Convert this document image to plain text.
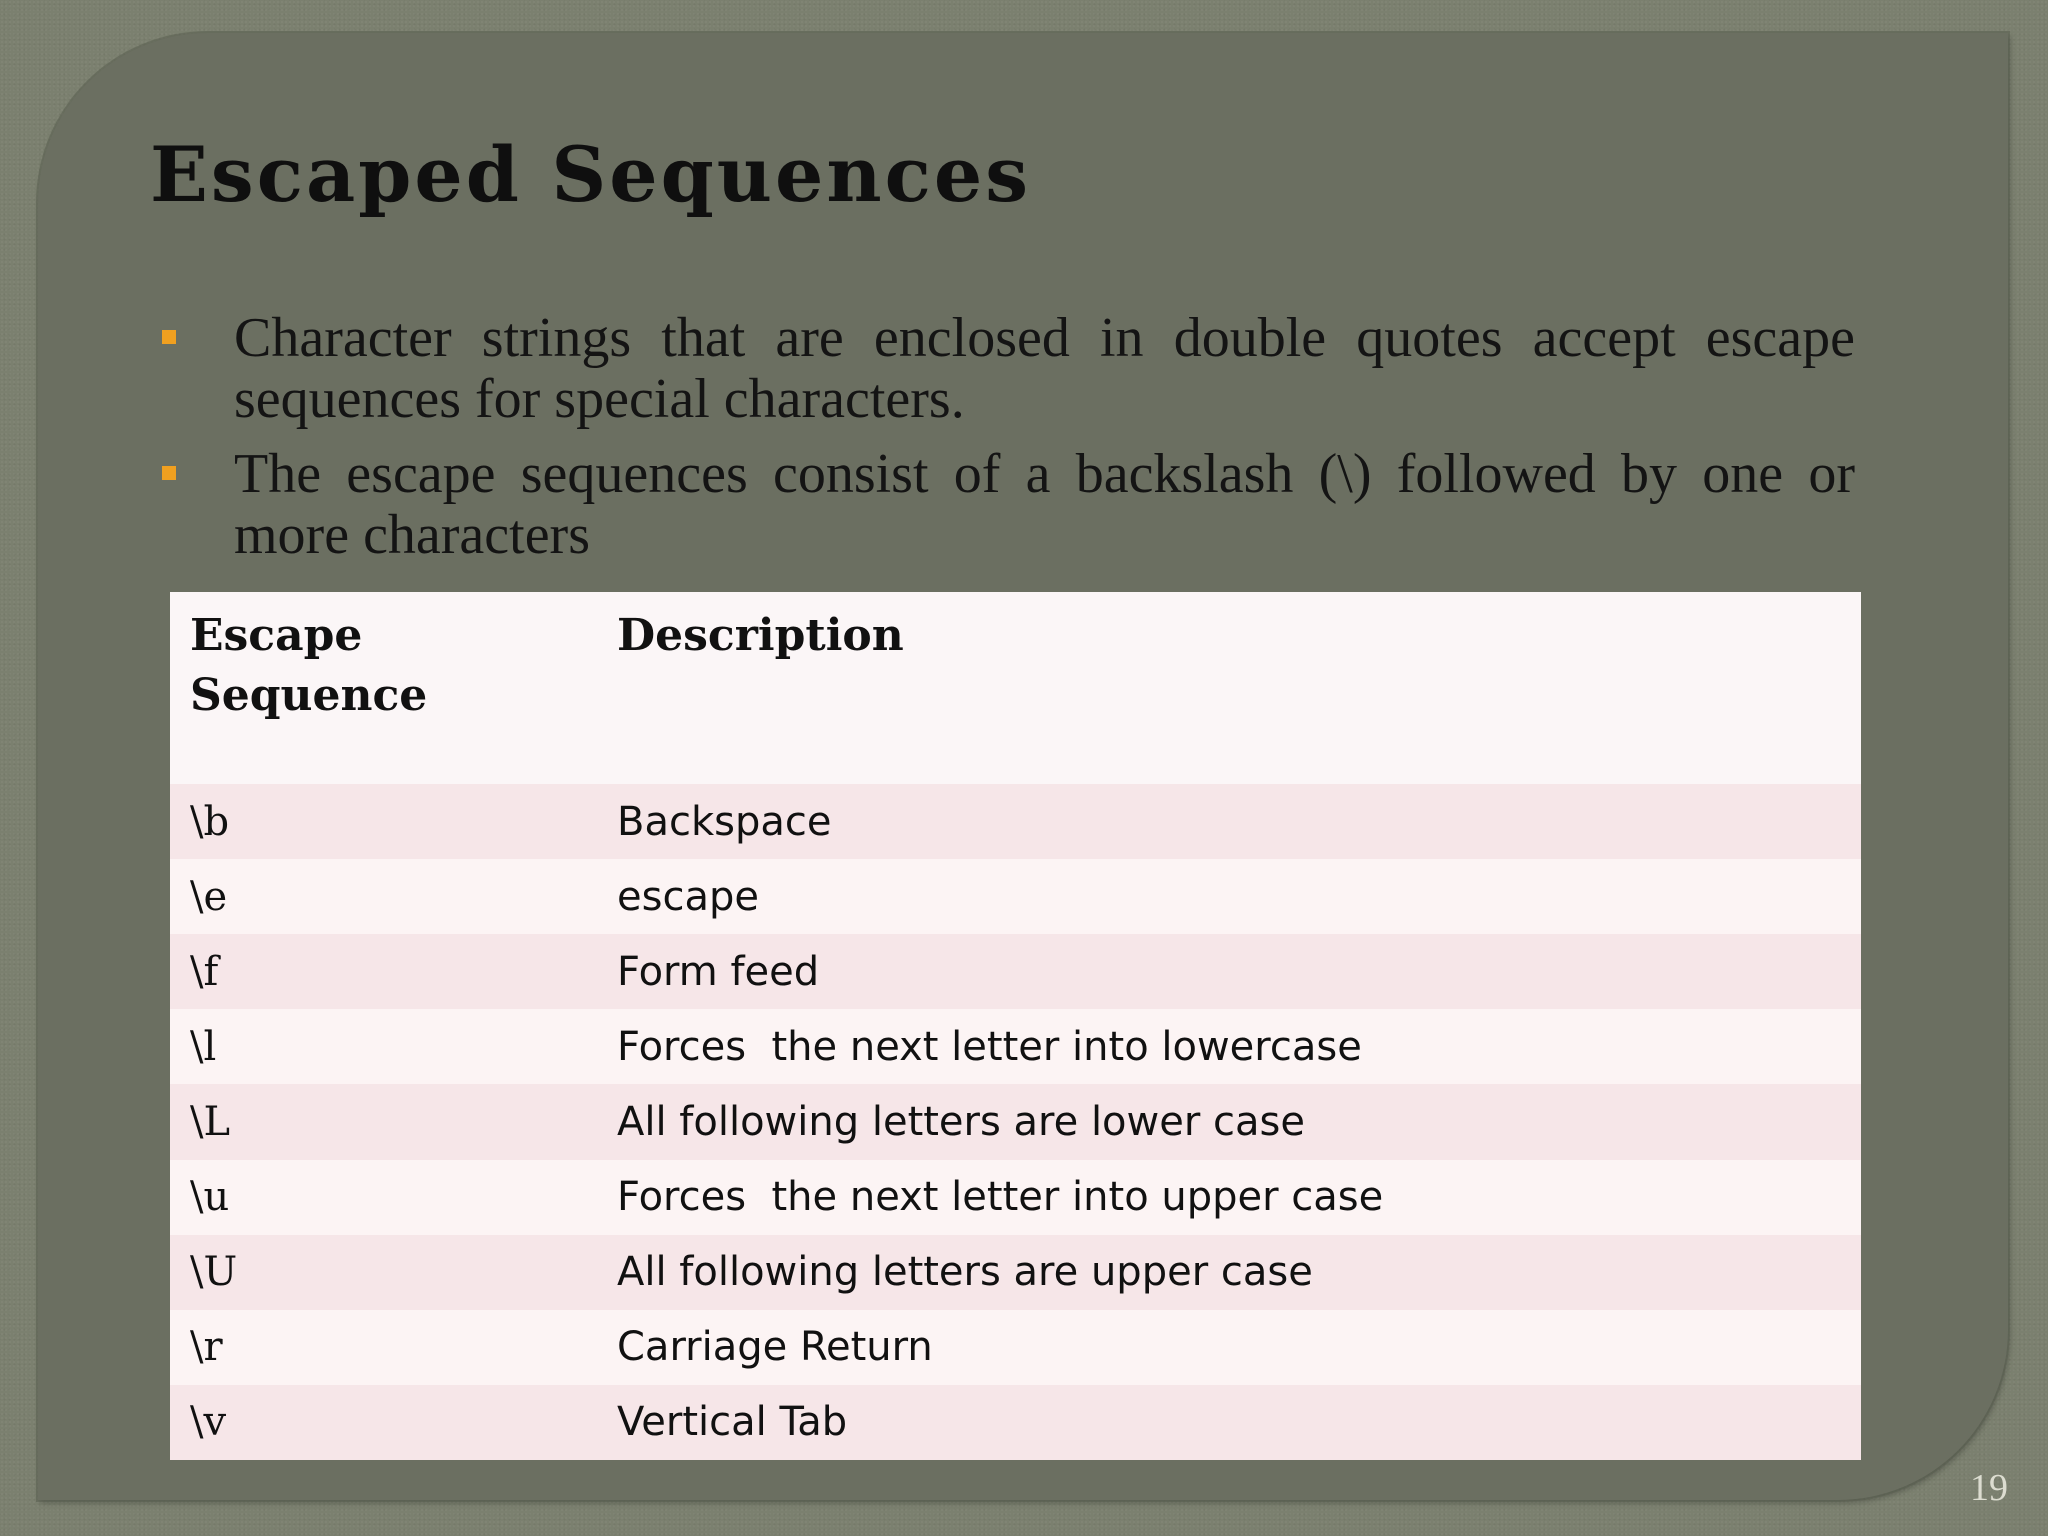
Escaped Sequences
Character strings that are enclosed in double quotes accept escape sequences for special characters.
The escape sequences consist of a backslash (\) followed by one or more characters
Escape Sequence	Description
\b	Backspace
\e	escape
\f	Form feed
\l	Forces  the next letter into lowercase
\L	All following letters are lower case
\u	Forces  the next letter into upper case
\U	All following letters are upper case
\r	Carriage Return
\v	Vertical Tab
19
